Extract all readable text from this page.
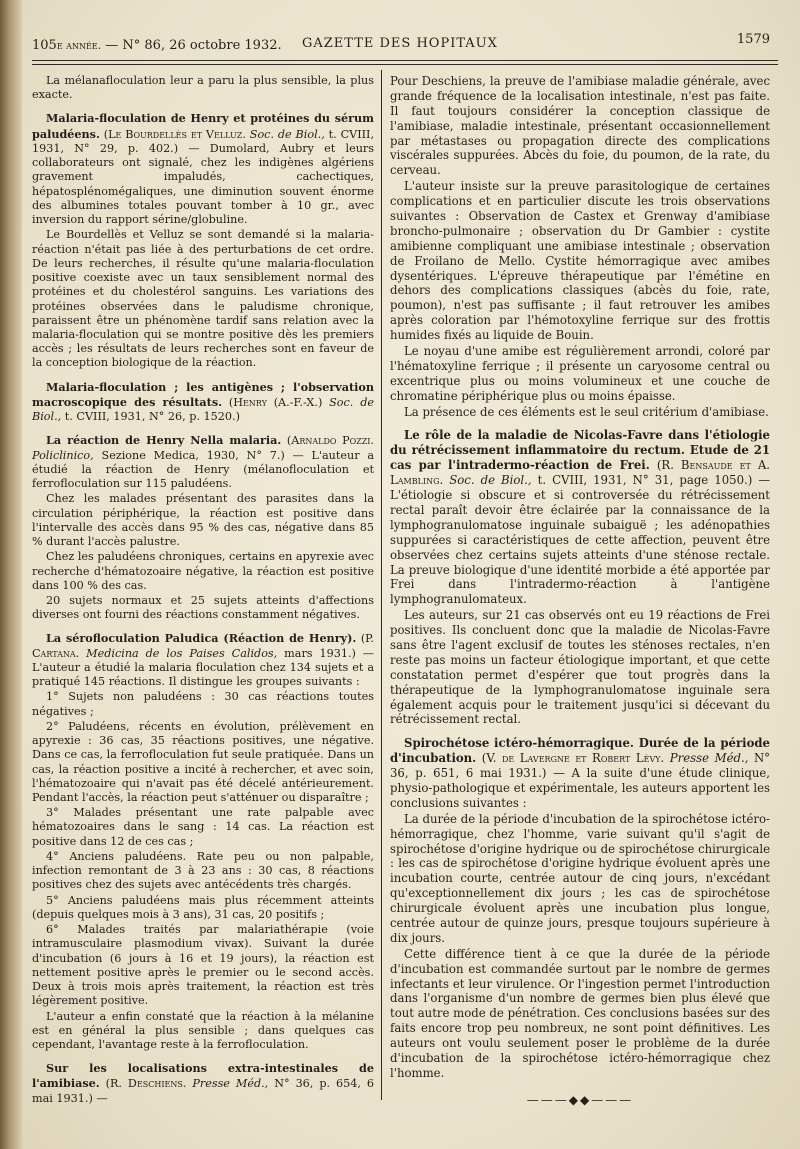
105e année. — N° 86, 26 octobre 1932. GAZETTE DES HOPITAUX	1579

La mélanafloculation leur a paru la plus sensible, la plus exacte.

Malaria-floculation de Henry et protéines du sérum paludéens. (Le Bourdellès et Velluz. Soc. de Biol., t. CVIII, 1931, N° 29, p. 402.) — Dumolard, Aubry et leurs collaborateurs ont signalé, chez les indigènes algériens gravement impaludés, cachectiques, hépatosplénomégaliques, une diminution souvent énorme des albumines totales pouvant tomber à 10 gr., avec inversion du rapport sérine/globuline.

Le Bourdellès et Velluz se sont demandé si la malaria-réaction n'était pas liée à des perturbations de cet ordre. De leurs recherches, il résulte qu'une malaria-floculation positive coexiste avec un taux sensiblement normal des protéines et du cholestérol sanguins. Les variations des protéines observées dans le paludisme chronique, paraissent être un phénomène tardif sans relation avec la malaria-floculation qui se montre positive dès les premiers accès ; les résultats de leurs recherches sont en faveur de la conception biologique de la réaction.

Malaria-floculation ; les antigènes ; l'observation macroscopique des résultats. (Henry (A.-F.-X.) Soc. de Biol., t. CVIII, 1931, N° 26, p. 1520.)

La réaction de Henry Nella malaria. (Arnaldo Pozzi. Policlinico, Sezione Medica, 1930, N° 7.) — L'auteur a étudié la réaction de Henry (mélanofloculation et ferrofloculation sur 115 paludéens.

Chez les malades présentant des parasites dans la circulation périphérique, la réaction est positive dans l'intervalle des accès dans 95 % des cas, négative dans 85 % durant l'accès palustre.

Chez les paludéens chroniques, certains en apyrexie avec recherche d'hématozoaire négative, la réaction est positive dans 100 % des cas.

20 sujets normaux et 25 sujets atteints d'affections diverses ont fourni des réactions constamment négatives.

La sérofloculation Paludica (Réaction de Henry). (P. Cartana. Medicina de los Paises Calidos, mars 1931.) — L'auteur a étudié la malaria floculation chez 134 sujets et a pratiqué 145 réactions. Il distingue les groupes suivants :

1° Sujets non paludéens : 30 cas réactions toutes négatives ;

2° Paludéens, récents en évolution, prélèvement en apyrexie : 36 cas, 35 réactions positives, une négative. Dans ce cas, la ferrofloculation fut seule pratiquée. Dans un cas, la réaction positive a incité à rechercher, et avec soin, l'hématozoaire qui n'avait pas été décelé antérieurement. Pendant l'accès, la réaction peut s'atténuer ou disparaître ;

3° Malades présentant une rate palpable avec hématozoaires dans le sang : 14 cas. La réaction est positive dans 12 de ces cas ;

4° Anciens paludéens. Rate peu ou non palpable, infection remontant de 3 à 23 ans : 30 cas, 8 réactions positives chez des sujets avec antécédents très chargés.

5° Anciens paludéens mais plus récemment atteints (depuis quelques mois à 3 ans), 31 cas, 20 positifs ;

6° Malades traités par malariathérapie (voie intramusculaire plasmodium vivax). Suivant la durée d'incubation (6 jours à 16 et 19 jours), la réaction est nettement positive après le premier ou le second accès. Deux à trois mois après traitement, la réaction est très légèrement positive.

L'auteur a enfin constaté que la réaction à la mélanine est en général la plus sensible ; dans quelques cas cependant, l'avantage reste à la ferrofloculation.

Sur les localisations extra-intestinales de l'amibiase. (R. Deschiens. Presse Méd., N° 36, p. 654, 6 mai 1931.) —

Pour Deschiens, la preuve de l'amibiase maladie générale, avec grande fréquence de la localisation intestinale, n'est pas faite. Il faut toujours considérer la conception classique de l'amibiase, maladie intestinale, présentant occasionnellement par métastases ou propagation directe des complications viscérales suppurées. Abcès du foie, du poumon, de la rate, du cerveau.

L'auteur insiste sur la preuve parasitologique de certaines complications et en particulier discute les trois observations suivantes : Observation de Castex et Grenway d'amibiase broncho-pulmonaire ; observation du Dr Gambier : cystite amibienne compliquant une amibiase intestinale ; observation de Froilano de Mello. Cystite hémorragique avec amibes dysentériques. L'épreuve thérapeutique par l'émétine en dehors des complications classiques (abcès du foie, rate, poumon), n'est pas suffisante ; il faut retrouver les amibes après coloration par l'hémotoxyline ferrique sur des frottis humides fixés au liquide de Bouin.

Le noyau d'une amibe est régulièrement arrondi, coloré par l'hématoxyline ferrique ; il présente un caryosome central ou excentrique plus ou moins volumineux et une couche de chromatine périphérique plus ou moins épaisse.

La présence de ces éléments est le seul critérium d'amibiase.

Le rôle de la maladie de Nicolas-Favre dans l'étiologie du rétrécissement inflammatoire du rectum. Etude de 21 cas par l'intradermo-réaction de Frei. (R. Bensaude et A. Lambling. Soc. de Biol., t. CVIII, 1931, N° 31, page 1050.) — L'étiologie si obscure et si controversée du rétrécissement rectal paraît devoir être éclairée par la connaissance de la lymphogranulomatose inguinale subaiguë ; les adénopathies suppurées si caractéristiques de cette affection, peuvent être observées chez certains sujets atteints d'une sténose rectale. La preuve biologique d'une identité morbide a été apportée par Frei dans l'intradermo-réaction à l'antigène lymphogranulomateux.

Les auteurs, sur 21 cas observés ont eu 19 réactions de Frei positives. Ils concluent donc que la maladie de Nicolas-Favre sans être l'agent exclusif de toutes les sténoses rectales, n'en reste pas moins un facteur étiologique important, et que cette constatation permet d'espérer que tout progrès dans la thérapeutique de la lymphogranulomatose inguinale sera également acquis pour le traitement jusqu'ici si décevant du rétrécissement rectal.

Spirochétose ictéro-hémorragique. Durée de la période d'incubation. (V. de Lavergne et Robert Lévy. Presse Méd., N° 36, p. 651, 6 mai 1931.) — A la suite d'une étude clinique, physio-pathologique et expérimentale, les auteurs apportent les conclusions suivantes :

La durée de la période d'incubation de la spirochétose ictéro-hémorragique, chez l'homme, varie suivant qu'il s'agit de spirochétose d'origine hydrique ou de spirochétose chirurgicale : les cas de spirochétose d'origine hydrique évoluent après une incubation courte, centrée autour de cinq jours, n'excédant qu'exceptionnellement dix jours ; les cas de spirochétose chirurgicale évoluent après une incubation plus longue, centrée autour de quinze jours, presque toujours supérieure à dix jours.

Cette différence tient à ce que la durée de la période d'incubation est commandée surtout par le nombre de germes infectants et leur virulence. Or l'ingestion permet l'introduction dans l'organisme d'un nombre de germes bien plus élevé que tout autre mode de pénétration. Ces conclusions basées sur des faits encore trop peu nombreux, ne sont point définitives. Les auteurs ont voulu seulement poser le problème de la durée d'incubation de la spirochétose ictéro-hémorragique chez l'homme.

———◆◆———
